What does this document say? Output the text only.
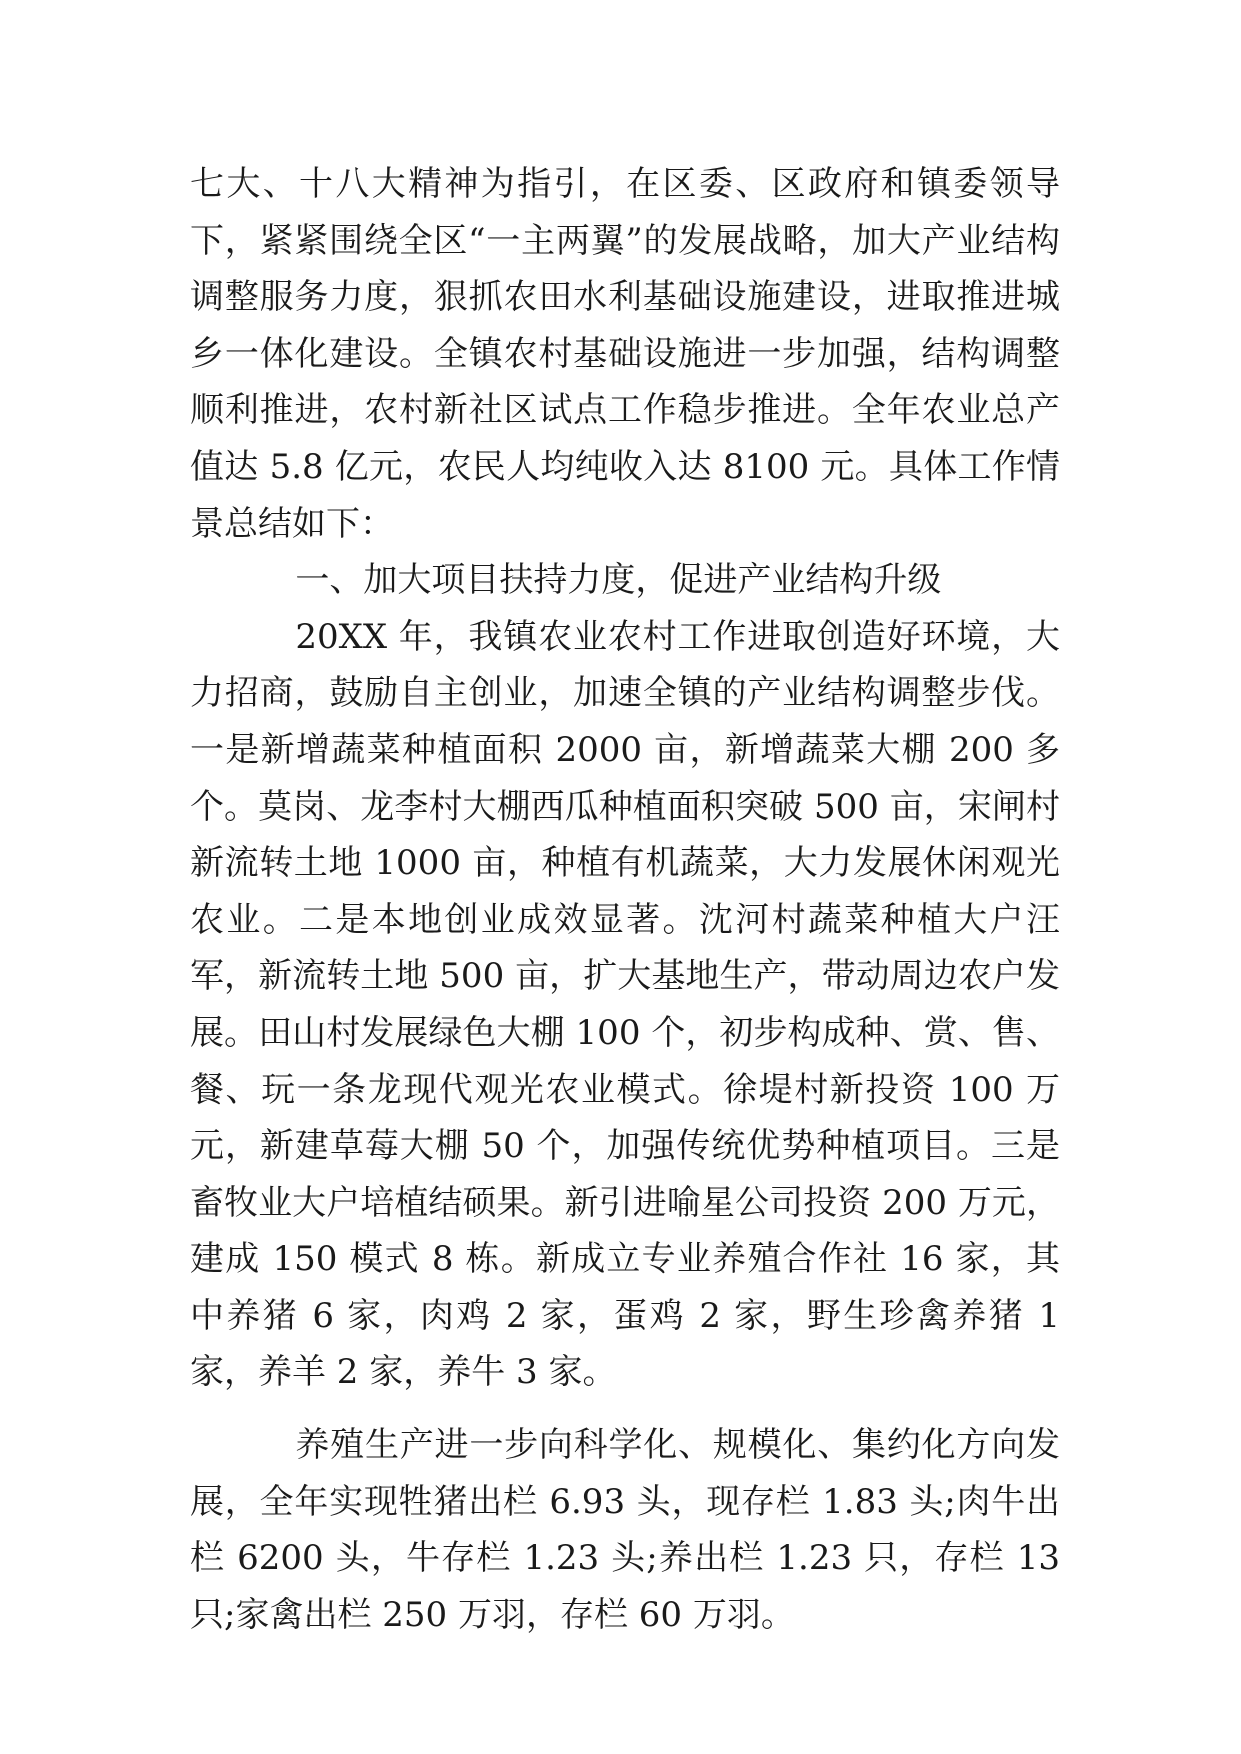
七大、十八大精神为指引，在区委、区政府和镇委领导下，紧紧围绕全区“一主两翼”的发展战略，加大产业结构调整服务力度，狠抓农田水利基础设施建设，进取推进城乡一体化建设。全镇农村基础设施进一步加强，结构调整顺利推进，农村新社区试点工作稳步推进。全年农业总产值达 5.8 亿元，农民人均纯收入达 8100 元。具体工作情景总结如下：

一、加大项目扶持力度，促进产业结构升级

20XX 年，我镇农业农村工作进取创造好环境，大力招商，鼓励自主创业，加速全镇的产业结构调整步伐。一是新增蔬菜种植面积 2000 亩，新增蔬菜大棚 200 多个。莫岗、龙李村大棚西瓜种植面积突破 500 亩，宋闸村新流转土地 1000 亩，种植有机蔬菜，大力发展休闲观光农业。二是本地创业成效显著。沈河村蔬菜种植大户汪军，新流转土地 500 亩，扩大基地生产，带动周边农户发展。田山村发展绿色大棚 100 个，初步构成种、赏、售、餐、玩一条龙现代观光农业模式。徐堤村新投资 100 万元，新建草莓大棚 50 个，加强传统优势种植项目。三是畜牧业大户培植结硕果。新引进喻星公司投资 200 万元，建成 150 模式 8 栋。新成立专业养殖合作社 16 家，其中养猪 6 家，肉鸡 2 家，蛋鸡 2 家，野生珍禽养猪 1 家，养羊 2 家，养牛 3 家。

养殖生产进一步向科学化、规模化、集约化方向发展，全年实现牲猪出栏 6.93 头，现存栏 1.83 头;肉牛出栏 6200 头，牛存栏 1.23 头;养出栏 1.23 只，存栏 13 只;家禽出栏 250 万羽，存栏 60 万羽。
